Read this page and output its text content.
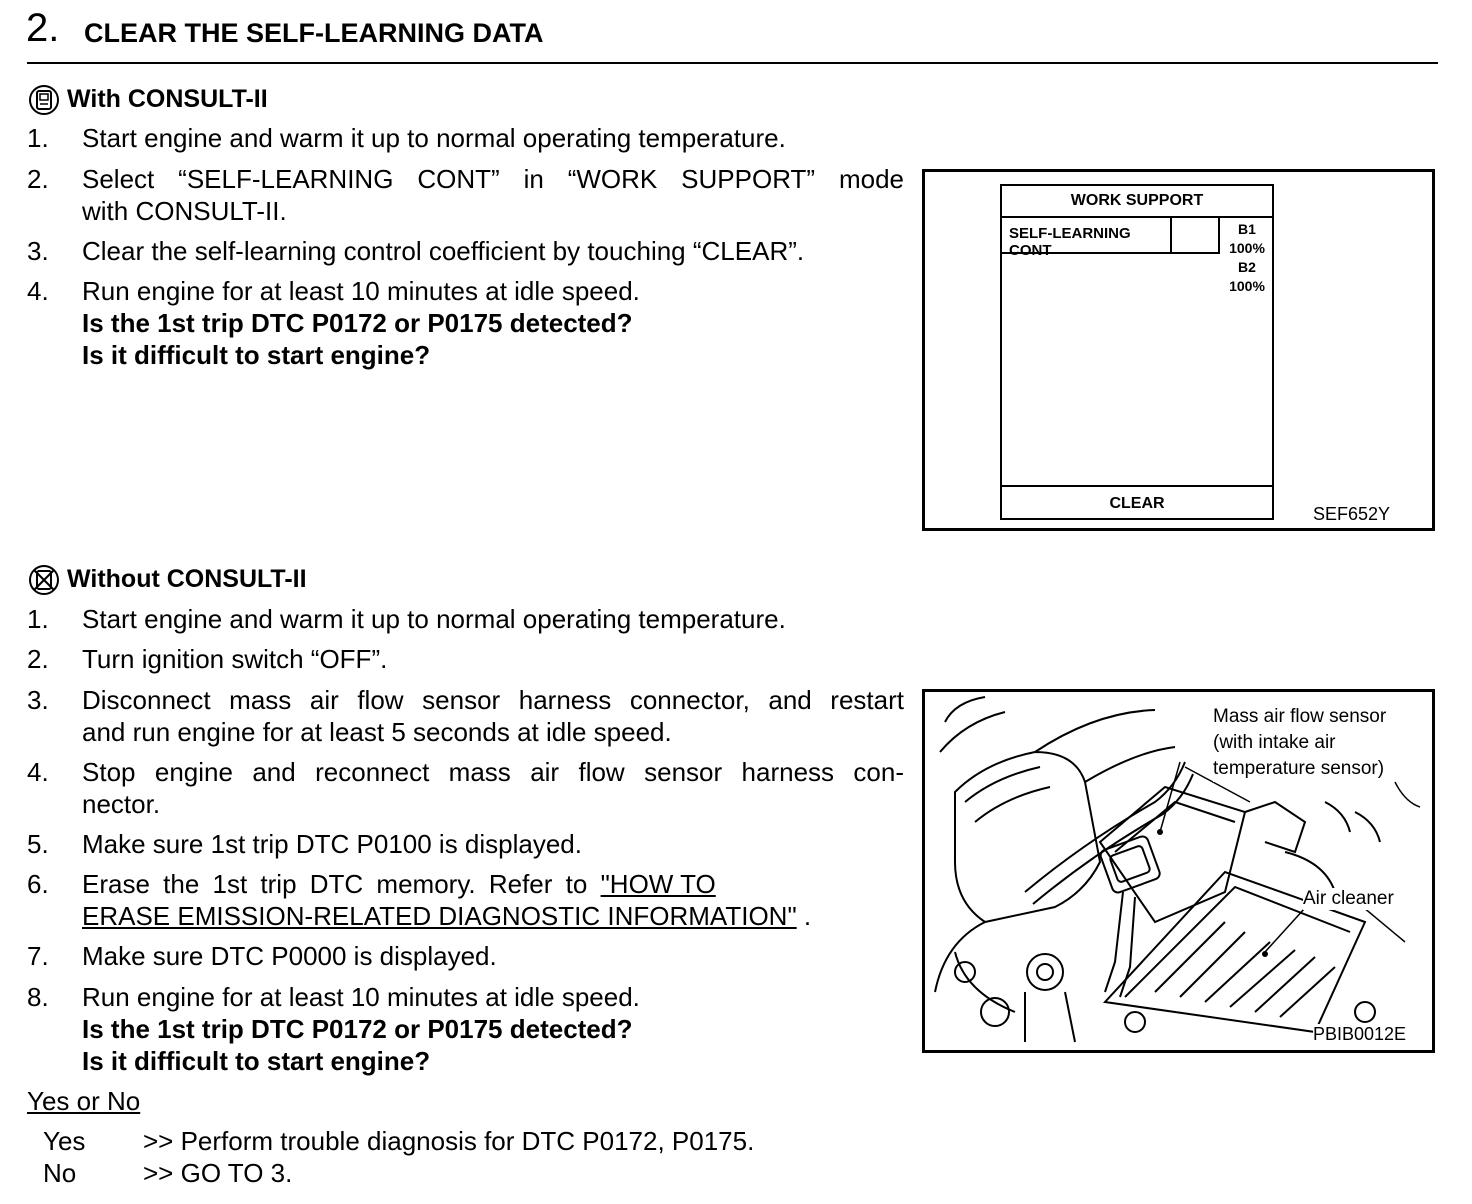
2. CLEAR THE SELF-LEARNING DATA
With CONSULT-II
1. Start engine and warm it up to normal operating temperature.
2. Select “SELF-LEARNING CONT” in “WORK SUPPORT” mode
with CONSULT-II.
3. Clear the self-learning control coefficient by touching “CLEAR”.
4. Run engine for at least 10 minutes at idle speed.
Is the 1st trip DTC P0172 or P0175 detected?
Is it difficult to start engine?
WORK SUPPORT
SELF-LEARNING CONT
B1
100%
B2
100%
CLEAR
SEF652Y
Without CONSULT-II
1. Start engine and warm it up to normal operating temperature.
2. Turn ignition switch “OFF”.
3. Disconnect mass air flow sensor harness connector, and restart
and run engine for at least 5 seconds at idle speed.
4. Stop engine and reconnect mass air flow sensor harness con-
nector.
5. Make sure 1st trip DTC P0100 is displayed.
6. Erase the 1st trip DTC memory. Refer to "HOW TO
ERASE EMISSION-RELATED DIAGNOSTIC INFORMATION" .
7. Make sure DTC P0000 is displayed.
8. Run engine for at least 10 minutes at idle speed.
Is the 1st trip DTC P0172 or P0175 detected?
Is it difficult to start engine?
Mass air flow sensor
(with intake air
temperature sensor)
Air cleaner
PBIB0012E
Yes or No
Yes >> Perform trouble diagnosis for DTC P0172, P0175.
No	>> GO TO 3.
